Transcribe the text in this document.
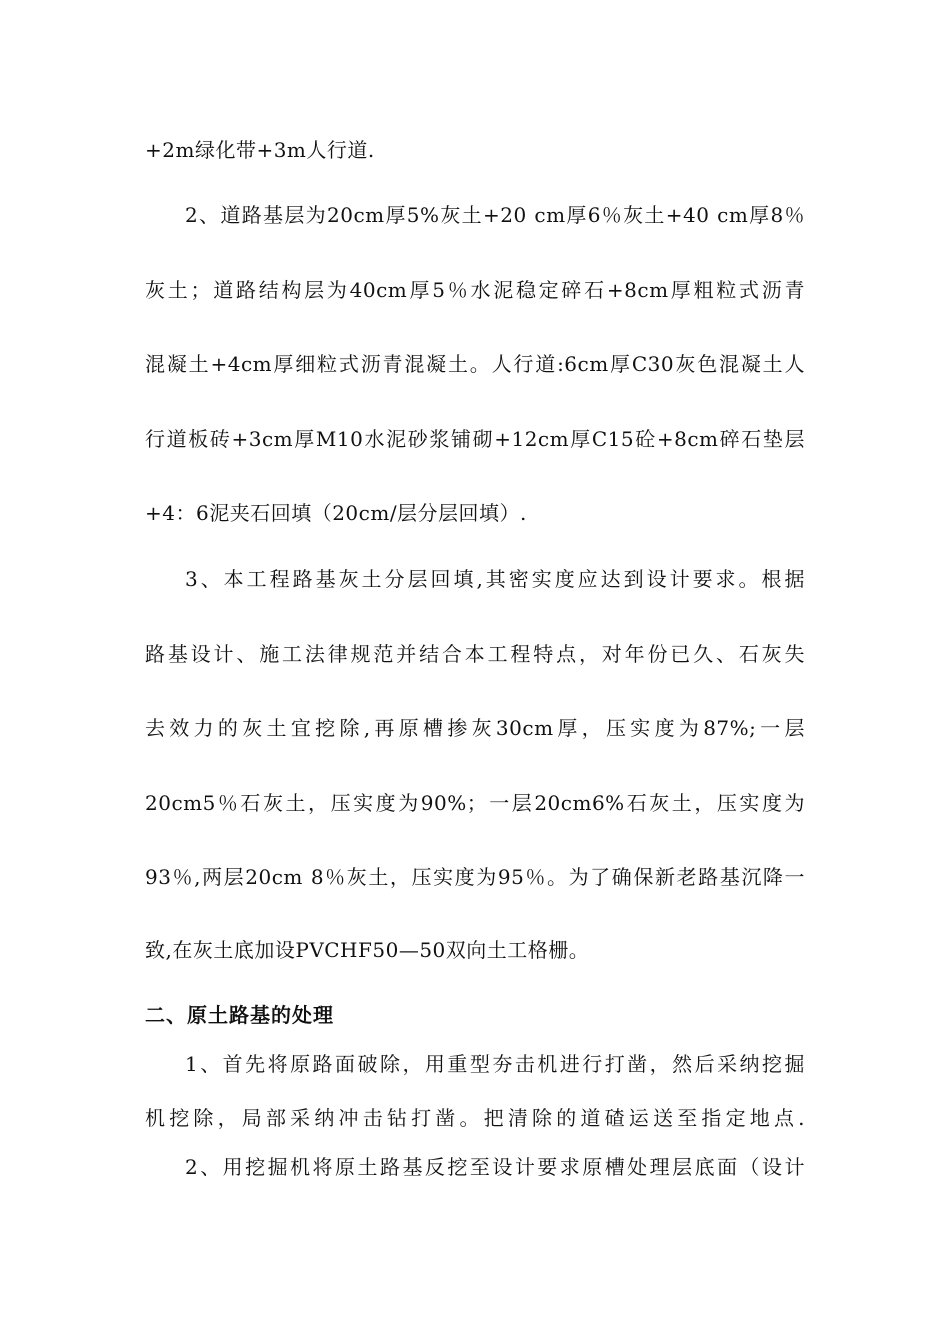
+2m绿化带+3m人行道.
2、道路基层为20cm厚5%灰土+20 cm厚6％灰土+40 cm厚8％
灰土；道路结构层为40cm厚5％水泥稳定碎石+8cm厚粗粒式沥青
混凝土+4cm厚细粒式沥青混凝土。人行道:6cm厚C30灰色混凝土人
行道板砖+3cm厚M10水泥砂浆铺砌+12cm厚C15砼+8cm碎石垫层
+4：6泥夹石回填（20cm/层分层回填）.
3、本工程路基灰土分层回填,其密实度应达到设计要求。根据
路基设计、施工法律规范并结合本工程特点，对年份已久、石灰失
去效力的灰土宜挖除,再原槽掺灰30cm厚，压实度为87%;一层
20cm5％石灰土，压实度为90%；一层20cm6%石灰土，压实度为
93％,两层20cm 8％灰土，压实度为95％。为了确保新老路基沉降一
致,在灰土底加设PVCHF50—50双向土工格栅。
二、原土路基的处理
1、首先将原路面破除，用重型夯击机进行打凿，然后采纳挖掘
机挖除，局部采纳冲击钻打凿。把清除的道碴运送至指定地点.
2、用挖掘机将原土路基反挖至设计要求原槽处理层底面（设计
